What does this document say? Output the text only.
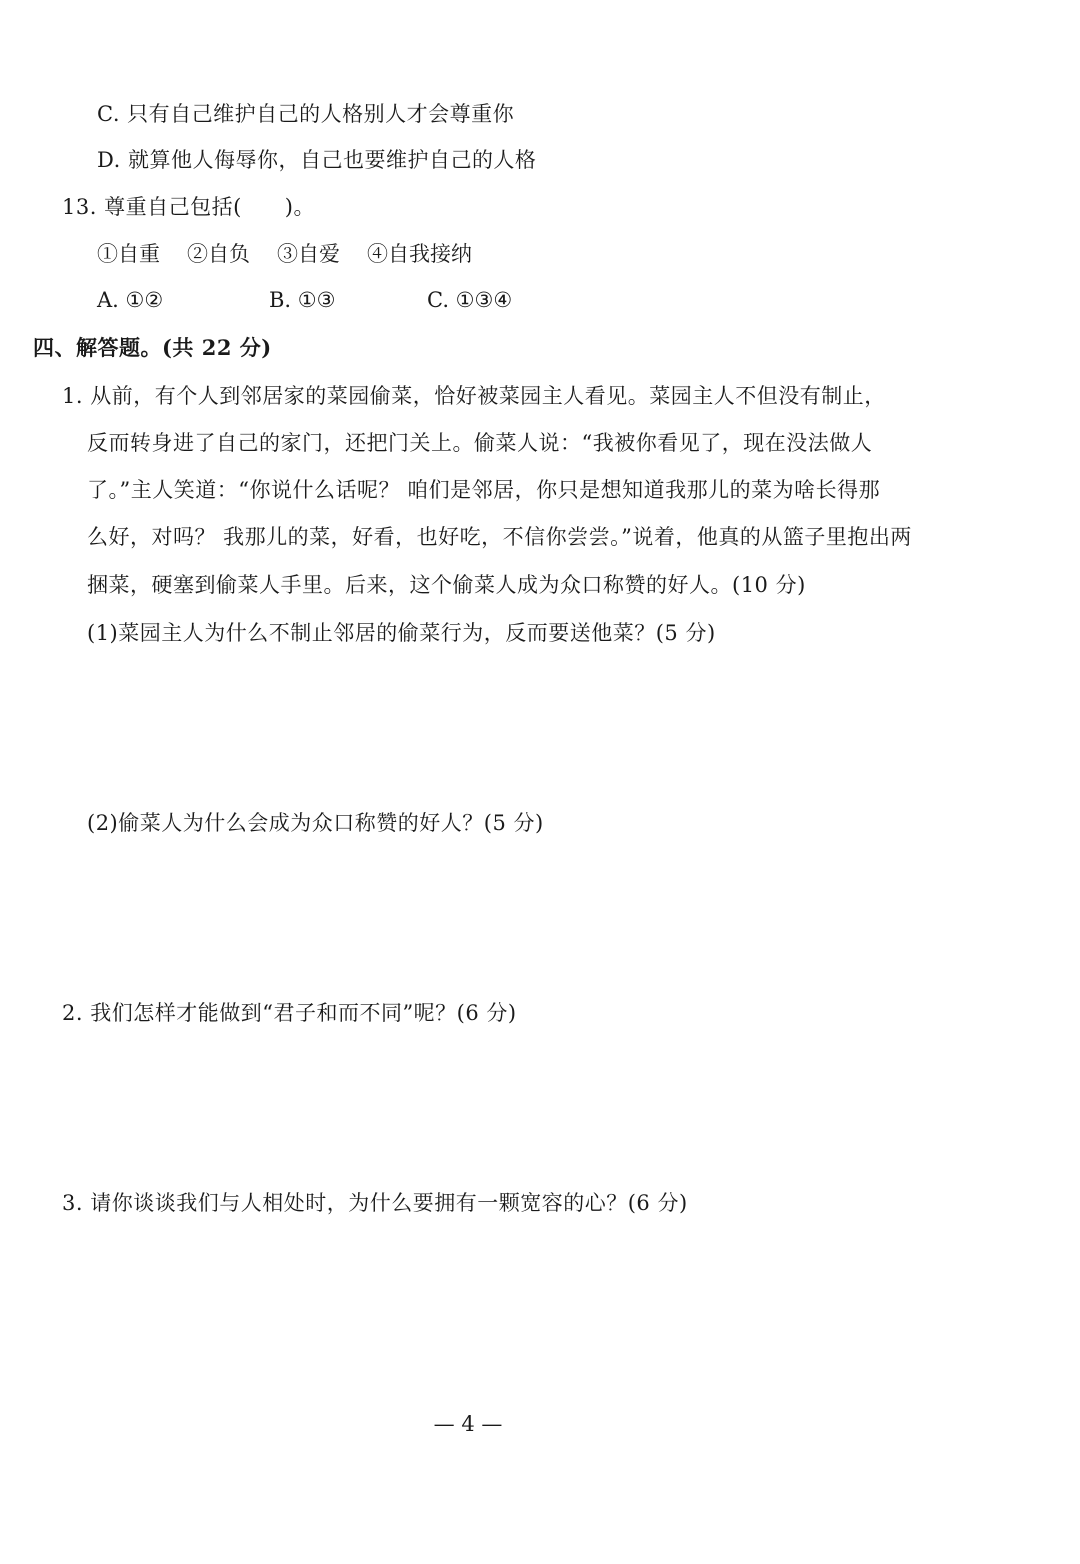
C. 只有自己维护自己的人格别人才会尊重你
D. 就算他人侮辱你，自己也要维护自己的人格
13. 尊重自己包括(　　)。
①自重 ②自负 ③自爱 ④自我接纳
A. ①②	B. ①③	C. ①③④
四、解答题。(共 22 分)
1. 从前，有个人到邻居家的菜园偷菜，恰好被菜园主人看见。菜园主人不但没有制止，
反而转身进了自己的家门，还把门关上。偷菜人说：“我被你看见了，现在没法做人
了。”主人笑道：“你说什么话呢？ 咱们是邻居，你只是想知道我那儿的菜为啥长得那
么好，对吗？ 我那儿的菜，好看，也好吃，不信你尝尝。”说着，他真的从篮子里抱出两
捆菜，硬塞到偷菜人手里。后来，这个偷菜人成为众口称赞的好人。(10 分)
(1)菜园主人为什么不制止邻居的偷菜行为，反而要送他菜？(5 分)
(2)偷菜人为什么会成为众口称赞的好人？(5 分)
2. 我们怎样才能做到“君子和而不同”呢？(6 分)
3. 请你谈谈我们与人相处时，为什么要拥有一颗宽容的心？(6 分)
— 4 —
